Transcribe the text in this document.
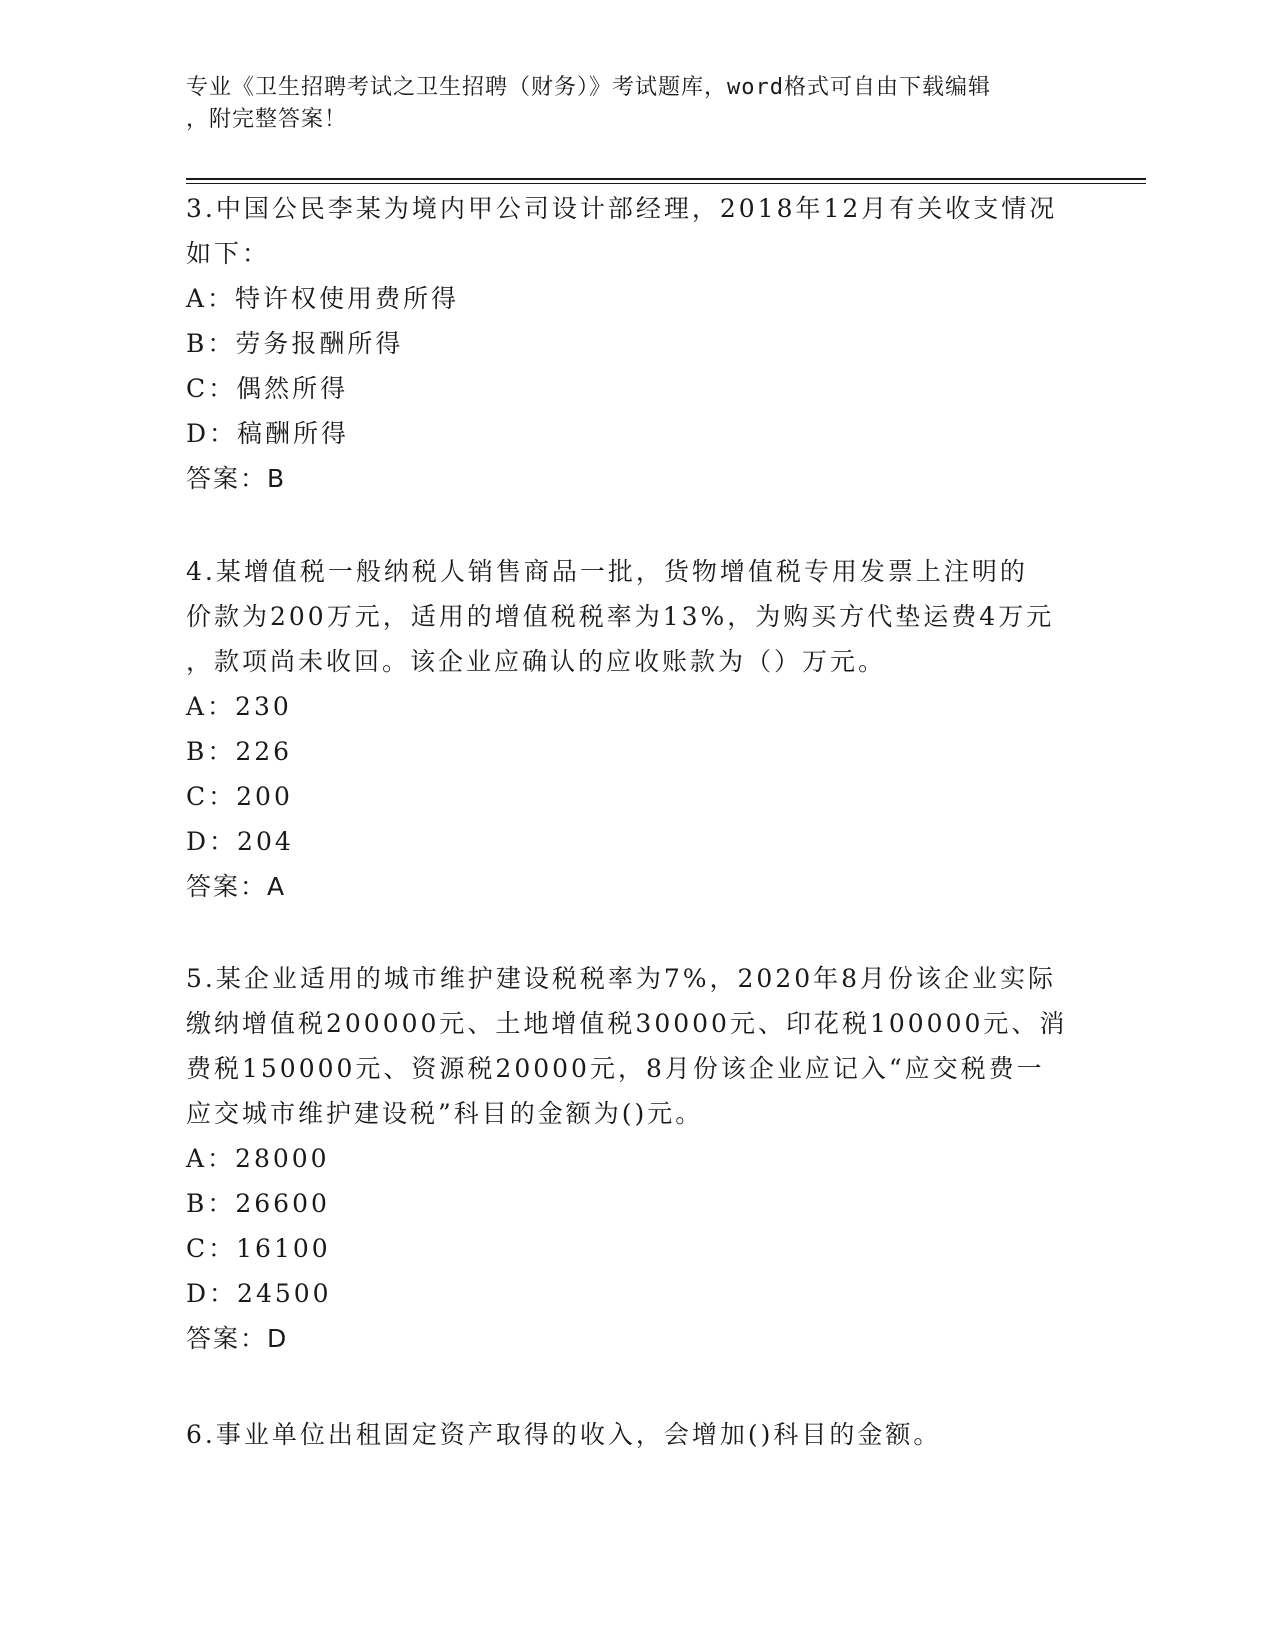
专业《卫生招聘考试之卫生招聘（财务）》考试题库，word格式可自由下载编辑
，附完整答案！
3.中国公民李某为境内甲公司设计部经理，2018年12月有关收支情况
如下：
A：特许权使用费所得
B：劳务报酬所得
C：偶然所得
D：稿酬所得
答案：B
4.某增值税一般纳税人销售商品一批，货物增值税专用发票上注明的
价款为200万元，适用的增值税税率为13%，为购买方代垫运费4万元
，款项尚未收回。该企业应确认的应收账款为（）万元。
A：230
B：226
C：200
D：204
答案：A
5.某企业适用的城市维护建设税税率为7%，2020年8月份该企业实际
缴纳增值税200000元、土地增值税30000元、印花税100000元、消
费税150000元、资源税20000元，8月份该企业应记入“应交税费一
应交城市维护建设税”科目的金额为()元。
A：28000
B：26600
C：16100
D：24500
答案：D
6.事业单位出租固定资产取得的收入，会增加()科目的金额。
